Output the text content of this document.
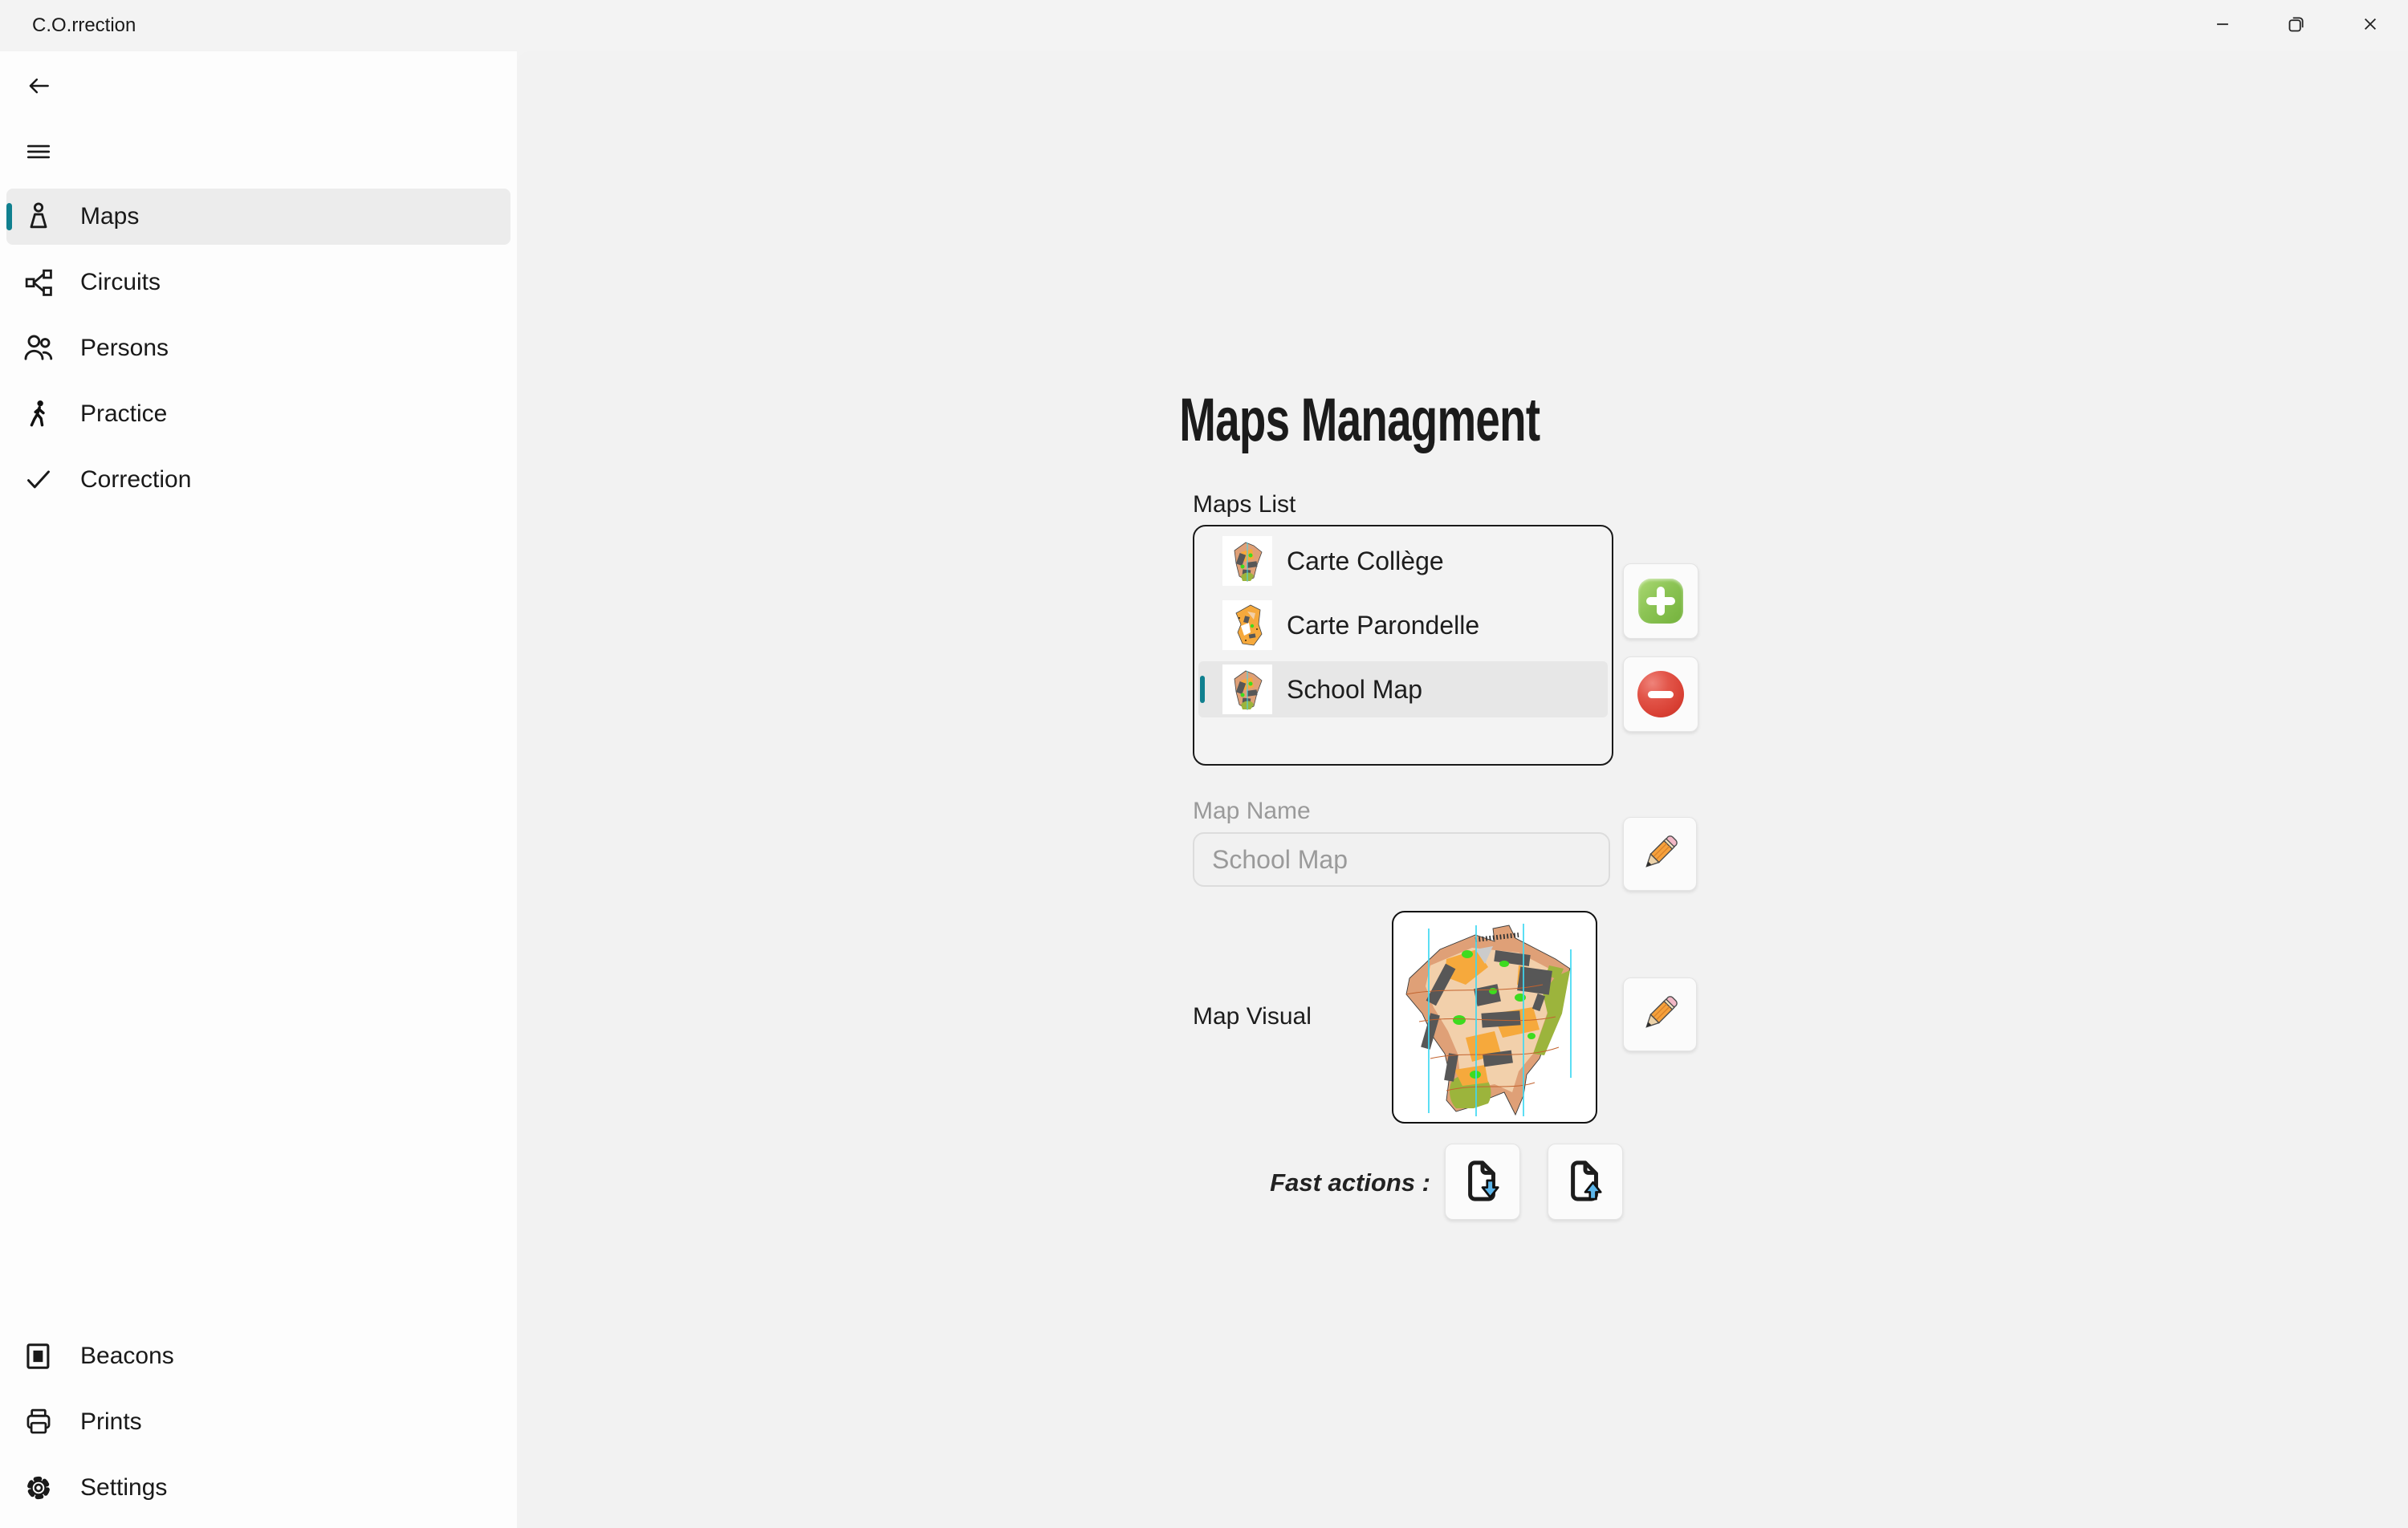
C.O.rrection
Maps
Circuits
Persons
Practice
Correction
Beacons
Prints
Settings
Maps Managment
Maps List
Carte Collège
Carte Parondelle
School Map
Map Name
School Map
Map Visual
Fast actions :
